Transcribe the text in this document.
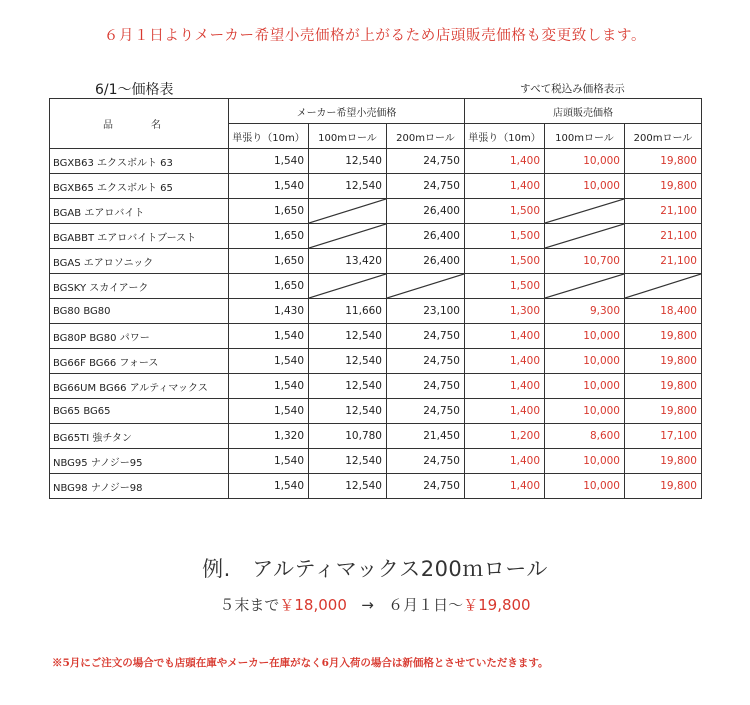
６月１日よりメーカー希望小売価格が上がるため店頭販売価格も変更致します。
6/1～価格表	すべて税込み価格表示
品　名	メーカー希望小売価格			店頭販売価格		
	単張り（10m）	100mロール	200mロール	単張り（10m）	100mロール	200mロール
BGXB63 エクスボルト 63	1,540	12,540	24,750	1,400	10,000	19,800
BGXB65 エクスボルト 65	1,540	12,540	24,750	1,400	10,000	19,800
BGAB エアロバイト	1,650		26,400	1,500		21,100
BGABBT エアロバイトブースト	1,650		26,400	1,500		21,100
BGAS エアロソニック	1,650	13,420	26,400	1,500	10,700	21,100
BGSKY スカイアーク	1,650			1,500	

BG80 BG80	1,430	11,660	23,100	1,300	9,300	18,400
BG80P BG80 パワー	1,540	12,540	24,750	1,400	10,000	19,800
BG66F BG66 フォース	1,540	12,540	24,750	1,400	10,000	19,800
BG66UM BG66 アルティマックス	1,540	12,540	24,750	1,400	10,000	19,800
BG65 BG65	1,540	12,540	24,750	1,400	10,000	19,800
BG65TI 強チタン	1,320	10,780	21,450	1,200	8,600	17,100
NBG95 ナノジー95	1,540	12,540	24,750	1,400	10,000	19,800
NBG98 ナノジー98	1,540	12,540	24,750	1,400	10,000	19,800
例.　アルティマックス200ｍロール
５末まで￥18,000 → ６月１日～￥19,800
※5月にご注文の場合でも店頭在庫やメーカー在庫がなく6月入荷の場合は新価格とさせていただきます。
